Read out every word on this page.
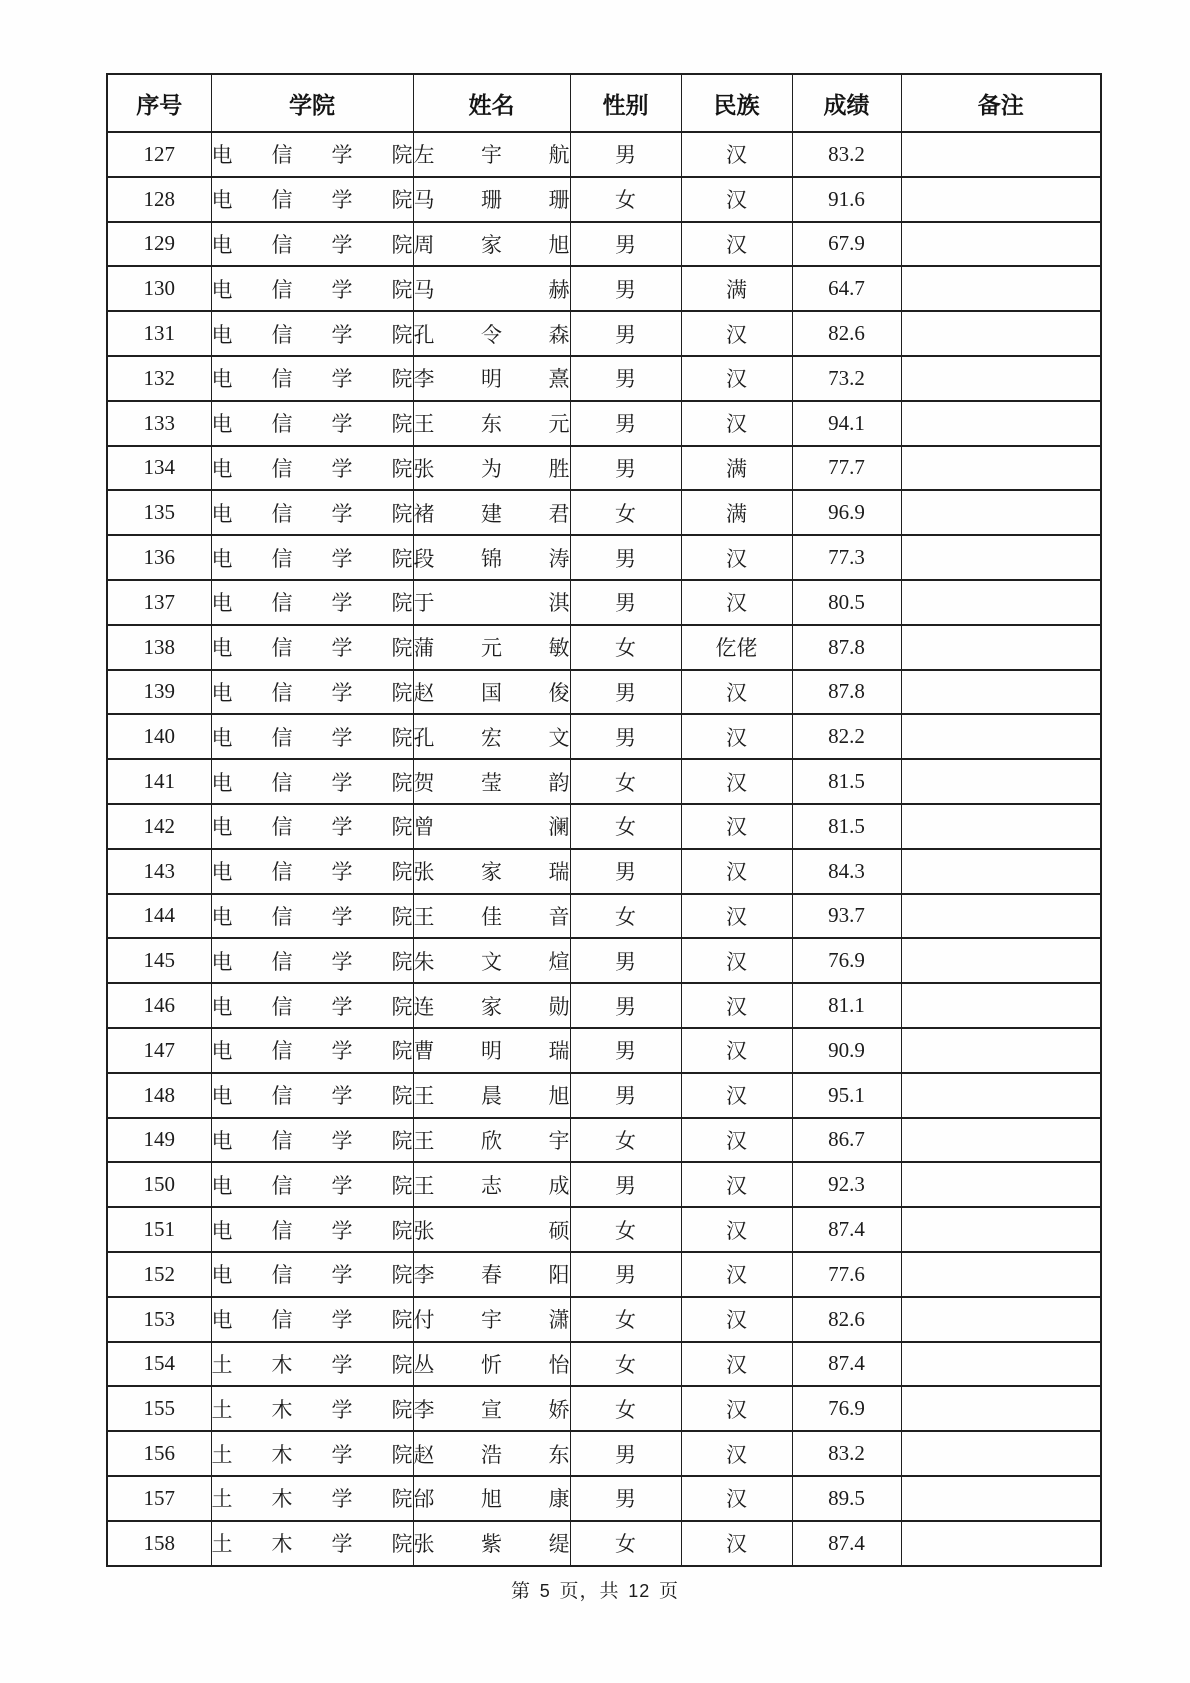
序号	学院	姓名	性别	民族	成绩	备注
127	电信学院	左宇航	男	汉	83.2	
128	电信学院	马珊珊	女	汉	91.6	
129	电信学院	周家旭	男	汉	67.9	
130	电信学院	马赫	男	满	64.7	
131	电信学院	孔令森	男	汉	82.6	
132	电信学院	李明熹	男	汉	73.2	
133	电信学院	王东元	男	汉	94.1	
134	电信学院	张为胜	男	满	77.7	
135	电信学院	褚建君	女	满	96.9	
136	电信学院	段锦涛	男	汉	77.3	
137	电信学院	于淇	男	汉	80.5	
138	电信学院	蒲元敏	女	仡佬	87.8	
139	电信学院	赵国俊	男	汉	87.8	
140	电信学院	孔宏文	男	汉	82.2	
141	电信学院	贺莹韵	女	汉	81.5	
142	电信学院	曾澜	女	汉	81.5	
143	电信学院	张家瑞	男	汉	84.3	
144	电信学院	王佳音	女	汉	93.7	
145	电信学院	朱文煊	男	汉	76.9	
146	电信学院	连家勋	男	汉	81.1	
147	电信学院	曹明瑞	男	汉	90.9	
148	电信学院	王晨旭	男	汉	95.1	
149	电信学院	王欣宇	女	汉	86.7	
150	电信学院	王志成	男	汉	92.3	
151	电信学院	张硕	女	汉	87.4	
152	电信学院	李春阳	男	汉	77.6	
153	电信学院	付宇潇	女	汉	82.6	
154	土木学院	丛忻怡	女	汉	87.4	
155	土木学院	李宣娇	女	汉	76.9	
156	土木学院	赵浩东	男	汉	83.2	
157	土木学院	邰旭康	男	汉	89.5	
158	土木学院	张紫缇	女	汉	87.4	
第 5 页，共 12 页
